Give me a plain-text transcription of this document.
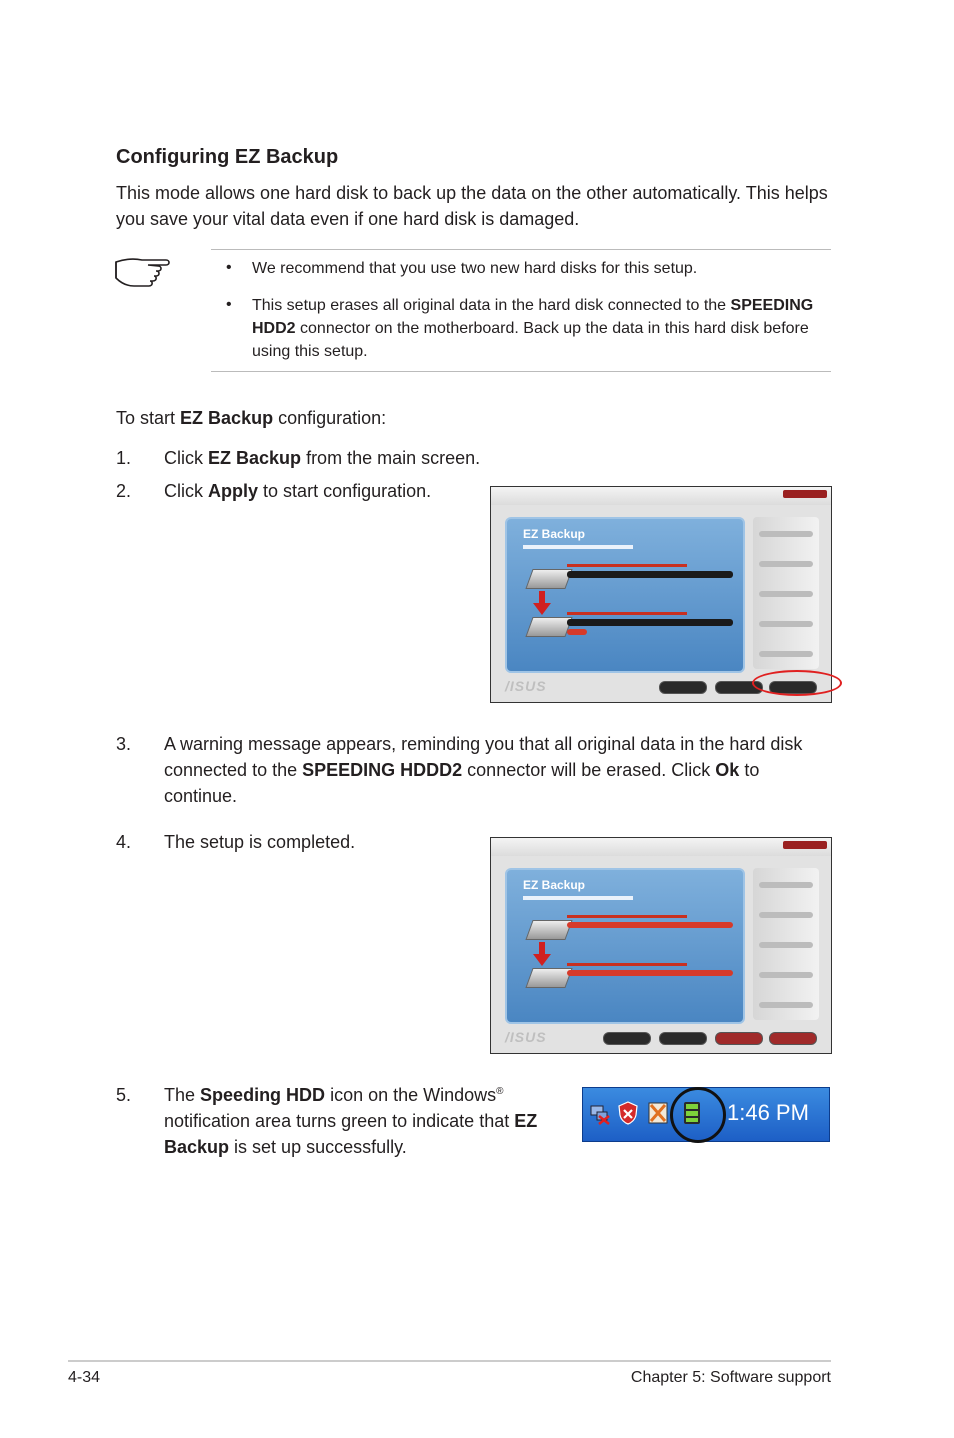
Configuring EZ Backup
This mode allows one hard disk to back up the data on the other automatically. This helps you save your vital data even if one hard disk is damaged.
• We recommend that you use two new hard disks for this setup.
• This setup erases all original data in the hard disk connected to the SPEEDING HDD2 connector on the motherboard. Back up the data in this hard disk before using this setup.
To start EZ Backup configuration:
1. Click EZ Backup from the main screen.
2. Click Apply to start configuration.
EZ Backup
/ISUS
3. A warning message appears, reminding you that all original data in the hard disk connected to the SPEEDING HDDD2 connector will be erased. Click Ok to continue.
4. The setup is completed.
EZ Backup
/ISUS
5. The Speeding HDD icon on the Windows® notification area turns green to indicate that EZ Backup is set up successfully.
1:46 PM
4-34	Chapter 5: Software support
